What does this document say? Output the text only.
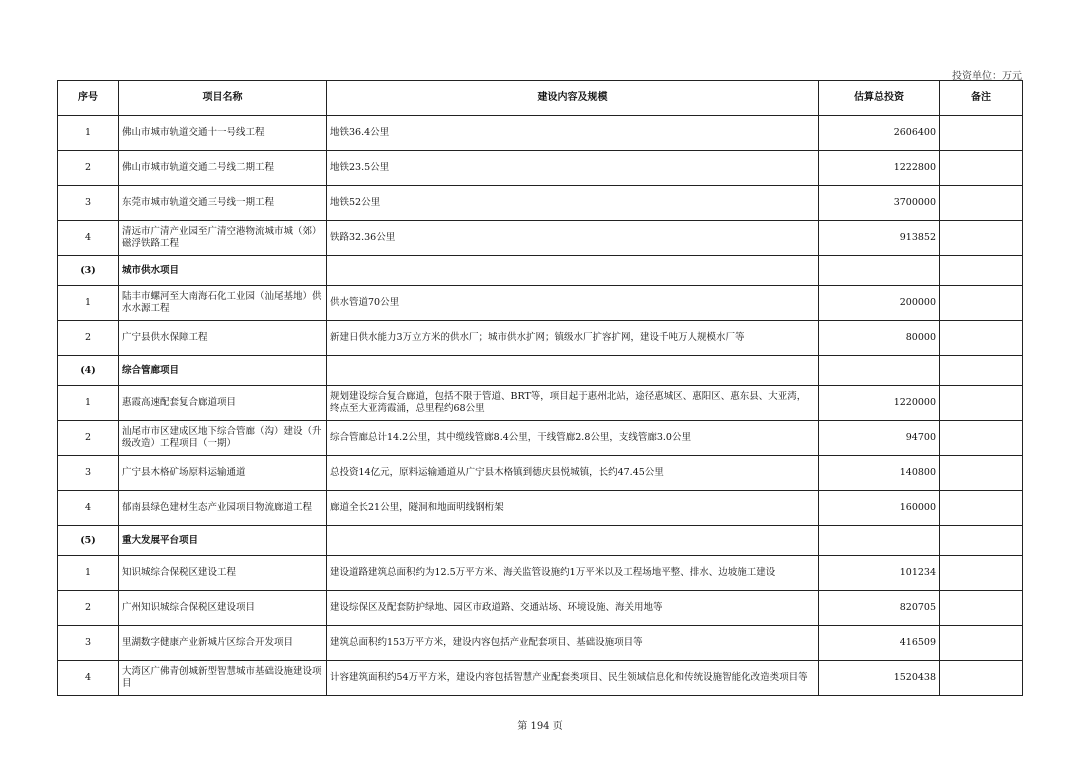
投资单位：万元
序号	项目名称	建设内容及规模	估算总投资	备注
1	佛山市城市轨道交通十一号线工程	地铁36.4公里	2606400	
2	佛山市城市轨道交通二号线二期工程	地铁23.5公里	1222800	
3	东莞市城市轨道交通三号线一期工程	地铁52公里	3700000	
4	清远市广清产业园至广清空港物流城市城（郊）磁浮铁路工程	铁路32.36公里	913852	
(3)	城市供水项目			
1	陆丰市螺河至大南海石化工业园（汕尾基地）供水水源工程	供水管道70公里	200000	
2	广宁县供水保障工程	新建日供水能力3万立方米的供水厂；城市供水扩网；镇级水厂扩容扩网，建设千吨万人规模水厂等	80000	
(4)	综合管廊项目			
1	惠霞高速配套复合廊道项目	规划建设综合复合廊道，包括不限于管道、BRT等，项目起于惠州北站，途径惠城区、惠阳区、惠东县、大亚湾，终点至大亚湾霞涌，总里程约68公里	1220000	
2	汕尾市市区建成区地下综合管廊（沟）建设（升级改造）工程项目（一期）	综合管廊总计14.2公里，其中缆线管廊8.4公里，干线管廊2.8公里，支线管廊3.0公里	94700	
3	广宁县木格矿场原料运输通道	总投资14亿元，原料运输通道从广宁县木格镇到德庆县悦城镇，长约47.45公里	140800	
4	郁南县绿色建材生态产业园项目物流廊道工程	廊道全长21公里，隧洞和地面明线钢桁架	160000	
(5)	重大发展平台项目			
1	知识城综合保税区建设工程	建设道路建筑总面积约为12.5万平方米、海关监管设施约1万平米以及工程场地平整、排水、边坡施工建设	101234	
2	广州知识城综合保税区建设项目	建设综保区及配套防护绿地、园区市政道路、交通站场、环境设施、海关用地等	820705	
3	里湖数字健康产业新城片区综合开发项目	建筑总面积约153万平方米，建设内容包括产业配套项目、基础设施项目等	416509	
4	大湾区广佛青创城新型智慧城市基础设施建设项目	计容建筑面积约54万平方米，建设内容包括智慧产业配套类项目、民生领域信息化和传统设施智能化改造类项目等	1520438	
第 194 页
